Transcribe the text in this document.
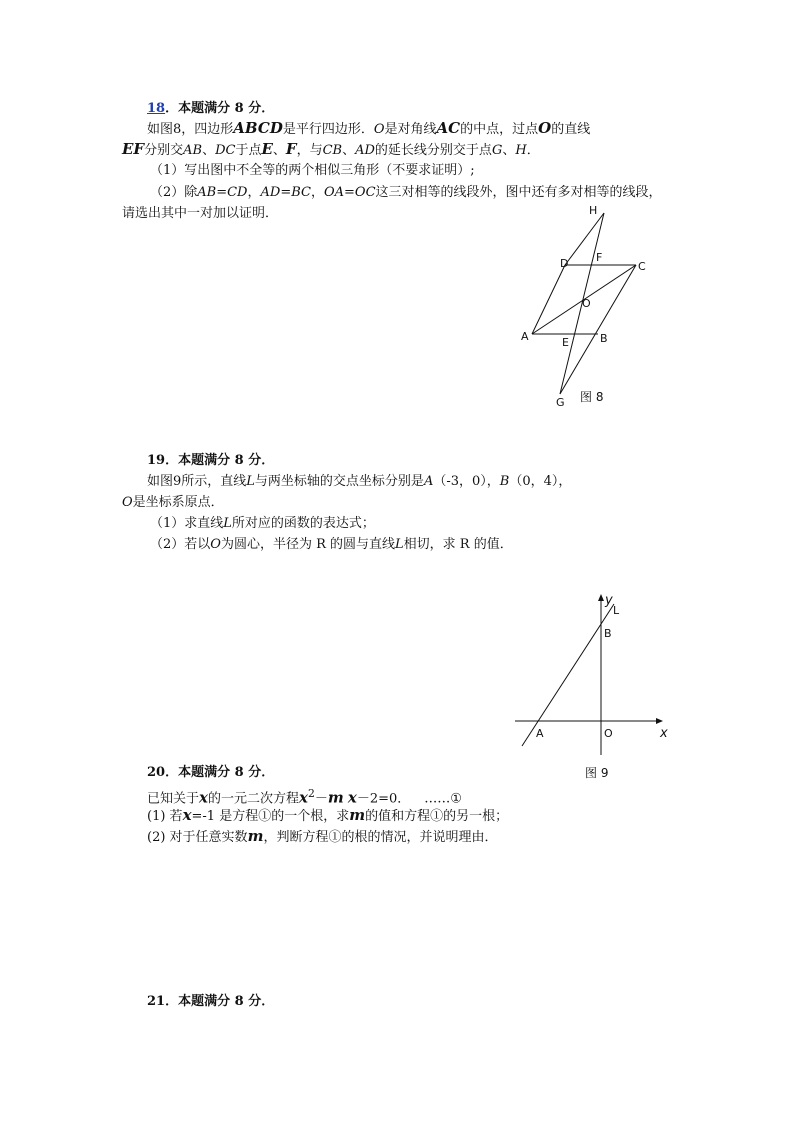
18．本题满分 8 分．
如图8，四边形ABCD是平行四边形．O是对角线AC的中点，过点O的直线
EF分别交AB、DC于点E、F，与CB、AD的延长线分别交于点G、H．
（1）写出图中不全等的两个相似三角形（不要求证明）;
（2）除AB=CD，AD=BC，OA=OC这三对相等的线段外，图中还有多对相等的线段，
请选出其中一对加以证明．	H
D	F
C
O
A	E	B
G 图 8
19．本题满分 8 分．
如图9所示，直线L与两坐标轴的交点坐标分别是A（-3，0），B（0，4），
O是坐标系原点．
（1）求直线L所对应的函数的表达式；
（2）若以O为圆心，半径为 R 的圆与直线L相切，求 R 的值．
y
L
B
A	O	x
图 9
20．本题满分 8 分．
已知关于x的一元二次方程$x^2-m$ x－2=0． ……①
(1) 若x=-1 是方程①的一个根，求m的值和方程①的另一根；
(2) 对于任意实数m，判断方程①的根的情况，并说明理由．
21．本题满分 8 分．
